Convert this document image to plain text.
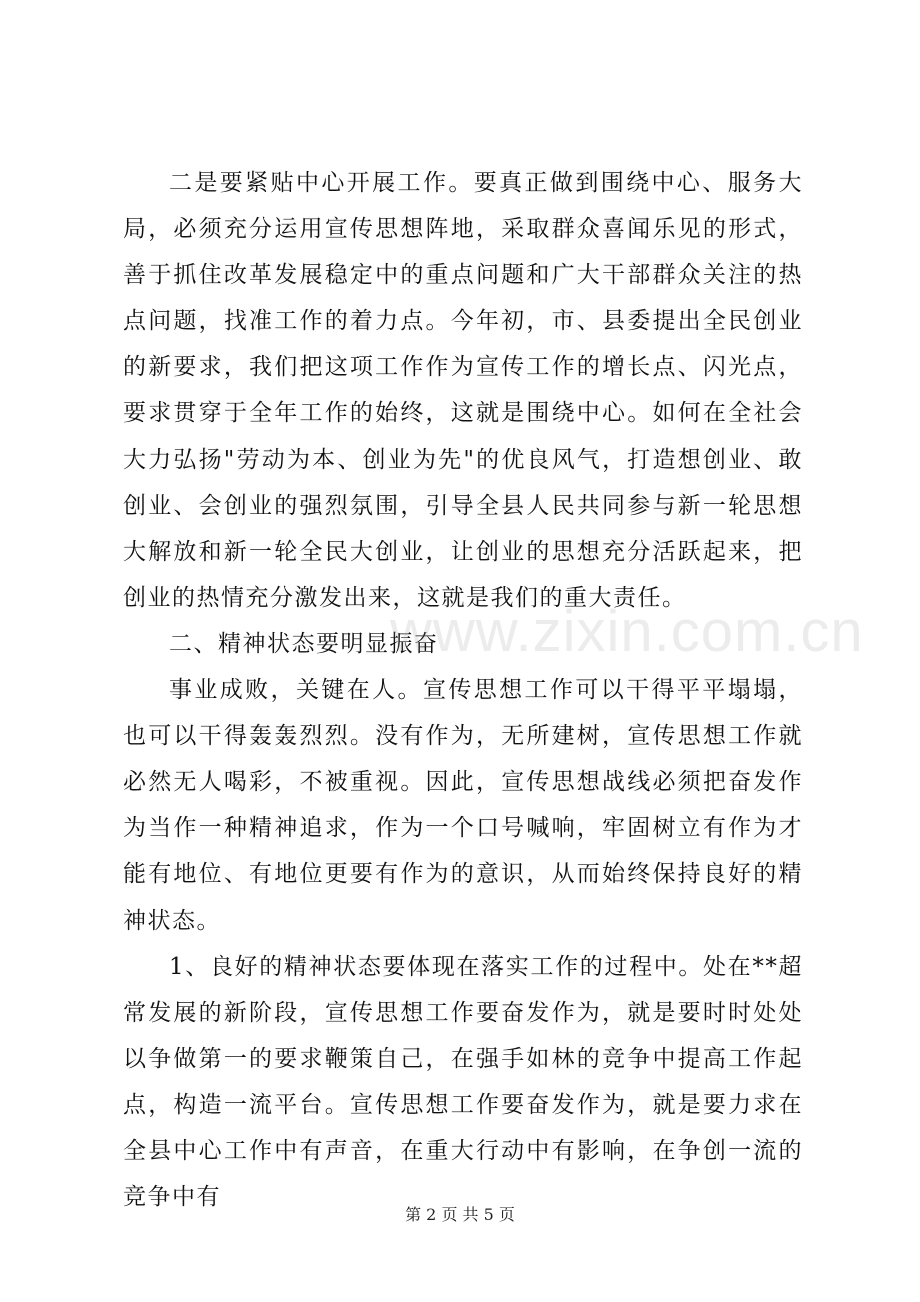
二是要紧贴中心开展工作。要真正做到围绕中心、服务大局，必须充分运用宣传思想阵地，采取群众喜闻乐见的形式，善于抓住改革发展稳定中的重点问题和广大干部群众关注的热点问题，找准工作的着力点。今年初，市、县委提出全民创业的新要求，我们把这项工作作为宣传工作的增长点、闪光点，要求贯穿于全年工作的始终，这就是围绕中心。如何在全社会大力弘扬"劳动为本、创业为先"的优良风气，打造想创业、敢创业、会创业的强烈氛围，引导全县人民共同参与新一轮思想大解放和新一轮全民大创业，让创业的思想充分活跃起来，把创业的热情充分激发出来，这就是我们的重大责任。

二、精神状态要明显振奋

事业成败，关键在人。宣传思想工作可以干得平平塌塌，也可以干得轰轰烈烈。没有作为，无所建树，宣传思想工作就必然无人喝彩，不被重视。因此，宣传思想战线必须把奋发作为当作一种精神追求，作为一个口号喊响，牢固树立有作为才能有地位、有地位更要有作为的意识，从而始终保持良好的精神状态。

1、良好的精神状态要体现在落实工作的过程中。处在**超常发展的新阶段，宣传思想工作要奋发作为，就是要时时处处以争做第一的要求鞭策自己，在强手如林的竞争中提高工作起点，构造一流平台。宣传思想工作要奋发作为，就是要力求在全县中心工作中有声音，在重大行动中有影响，在争创一流的竞争中有

www.zixin.com.cn
第 2 页 共 5 页
